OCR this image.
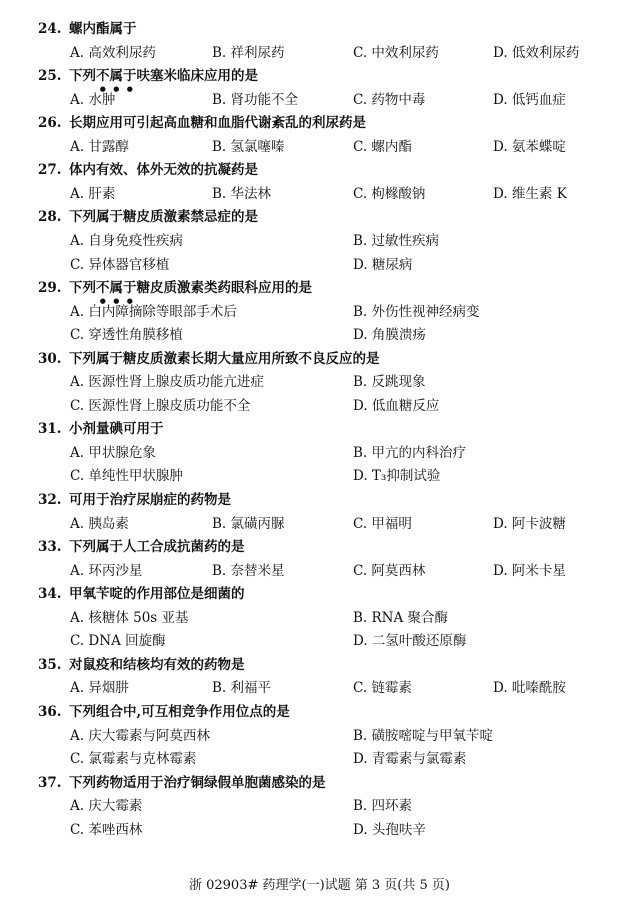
24. 螺内酯属于
A. 高效利尿药	B. 祥利尿药	C. 中效利尿药	D. 低效利尿药
25. 下列不属于呋塞米临床应用的是
A. 水肿	B. 肾功能不全	C. 药物中毒	D. 低钙血症
26. 长期应用可引起高血糖和血脂代谢紊乱的利尿药是
A. 甘露醇	B. 氢氯噻嗪	C. 螺内酯	D. 氨苯蝶啶
27. 体内有效、体外无效的抗凝药是
A. 肝素	B. 华法林	C. 枸橼酸钠	D. 维生素 K
28. 下列属于糖皮质激素禁忌症的是
A. 自身免疫性疾病	B. 过敏性疾病
C. 异体器官移植	D. 糖尿病
29. 下列不属于糖皮质激素类药眼科应用的是
A. 白内障摘除等眼部手术后	B. 外伤性视神经病变
C. 穿透性角膜移植	D. 角膜溃疡
30. 下列属于糖皮质激素长期大量应用所致不良反应的是
A. 医源性肾上腺皮质功能亢进症	B. 反跳现象
C. 医源性肾上腺皮质功能不全	D. 低血糖反应
31. 小剂量碘可用于
A. 甲状腺危象	B. 甲亢的内科治疗
C. 单纯性甲状腺肿	D. T₃抑制试验
32. 可用于治疗尿崩症的药物是
A. 胰岛素	B. 氯磺丙脲	C. 甲福明	D. 阿卡波糖
33. 下列属于人工合成抗菌药的是
A. 环丙沙星	B. 奈替米星	C. 阿莫西林	D. 阿米卡星
34. 甲氧苄啶的作用部位是细菌的
A. 核糖体 50s 亚基	B. RNA 聚合酶
C. DNA 回旋酶	D. 二氢叶酸还原酶
35. 对鼠疫和结核均有效的药物是
A. 异烟肼	B. 利福平	C. 链霉素	D. 吡嗪酰胺
36. 下列组合中,可互相竞争作用位点的是
A. 庆大霉素与阿莫西林	B. 磺胺嘧啶与甲氧苄啶
C. 氯霉素与克林霉素	D. 青霉素与氯霉素
37. 下列药物适用于治疗铜绿假单胞菌感染的是
A. 庆大霉素	B. 四环素
C. 苯唑西林	D. 头孢呋辛
浙 02903# 药理学(一)试题 第 3 页(共 5 页)
